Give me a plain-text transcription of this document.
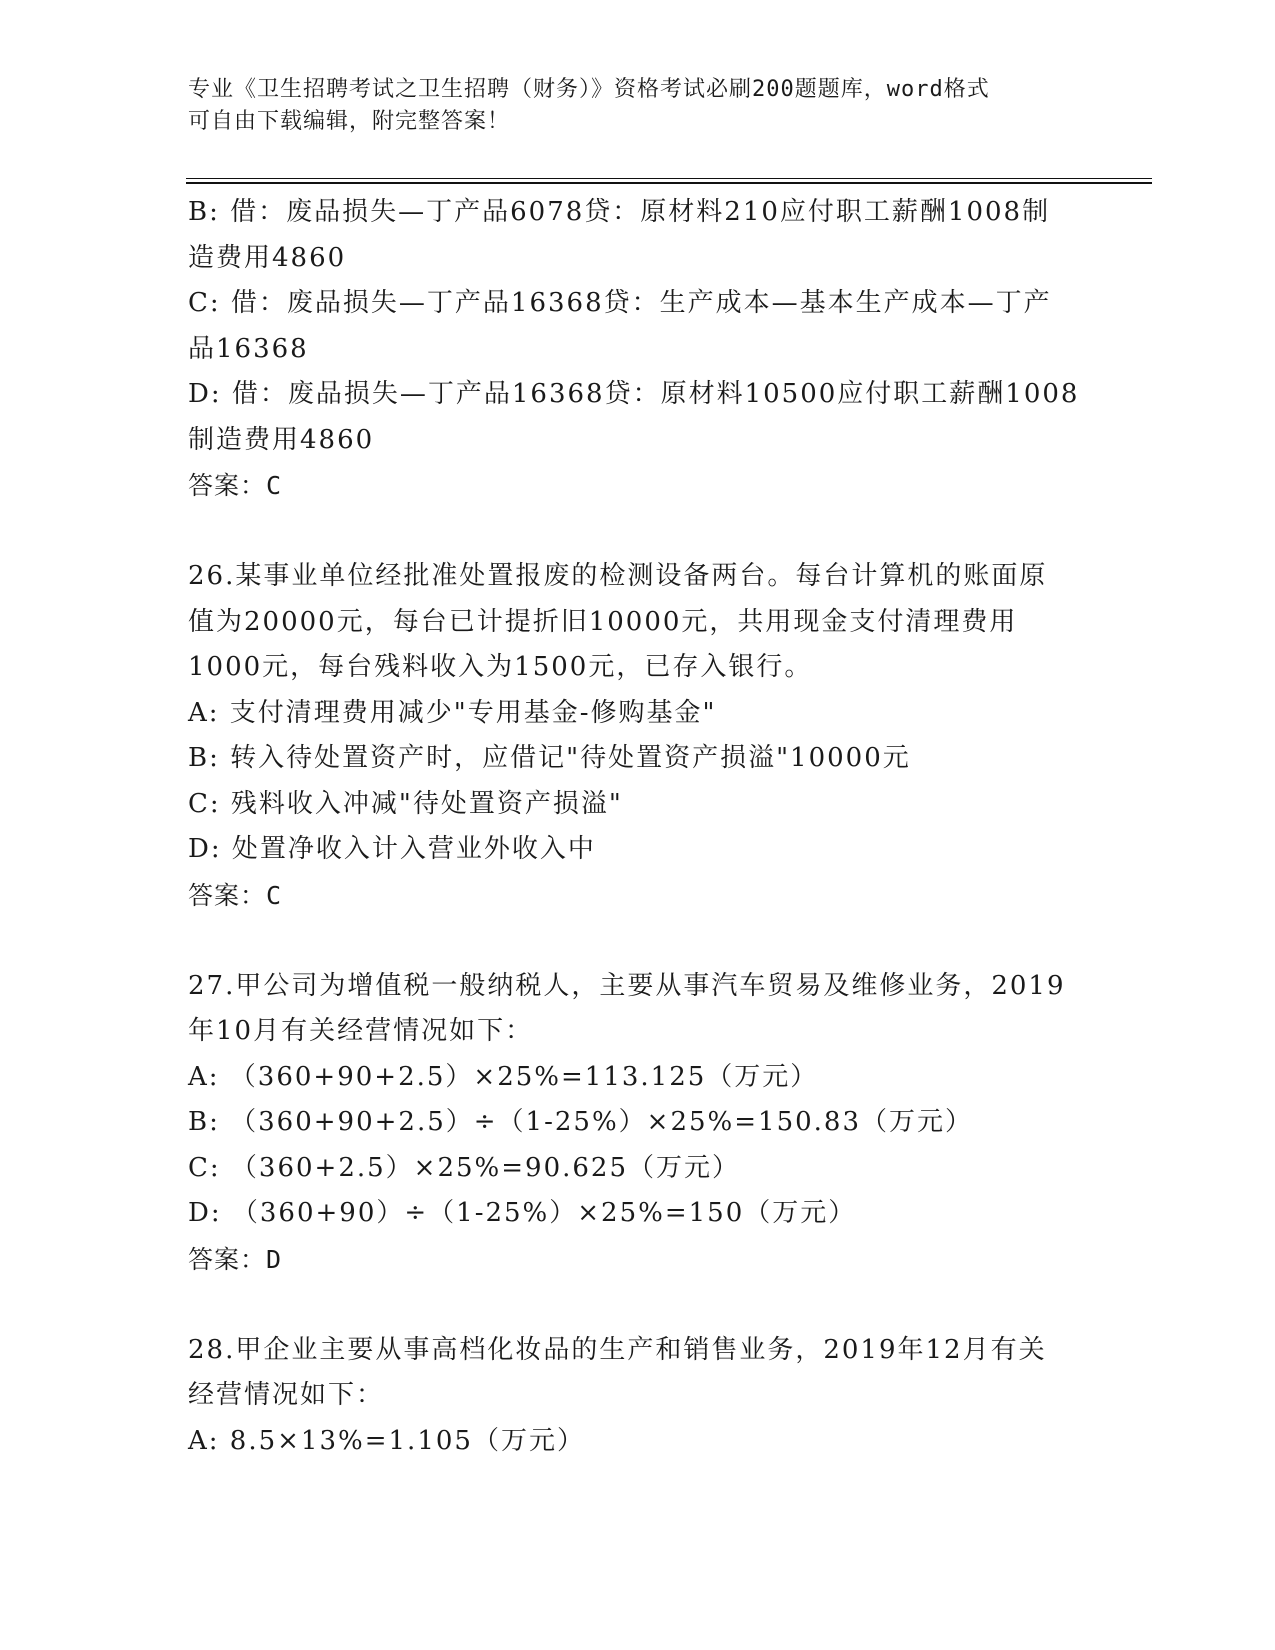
专业《卫生招聘考试之卫生招聘（财务）》资格考试必刷200题题库，word格式
可自由下载编辑，附完整答案！
B: 借：废品损失—丁产品6078贷：原材料210应付职工薪酬1008制
造费用4860
C: 借：废品损失—丁产品16368贷：生产成本—基本生产成本—丁产
品16368
D: 借：废品损失—丁产品16368贷：原材料10500应付职工薪酬1008
制造费用4860
答案：C
26.某事业单位经批准处置报废的检测设备两台。每台计算机的账面原
值为20000元，每台已计提折旧10000元，共用现金支付清理费用
1000元，每台残料收入为1500元，已存入银行。
A: 支付清理费用减少"专用基金-修购基金"
B: 转入待处置资产时，应借记"待处置资产损溢"10000元
C: 残料收入冲减"待处置资产损溢"
D: 处置净收入计入营业外收入中
答案：C
27.甲公司为增值税一般纳税人，主要从事汽车贸易及维修业务，2019
年10月有关经营情况如下：
A: （360+90+2.5）×25%=113.125（万元）
B: （360+90+2.5）÷（1-25%）×25%=150.83（万元）
C: （360+2.5）×25%=90.625（万元）
D: （360+90）÷（1-25%）×25%=150（万元）
答案：D
28.甲企业主要从事高档化妆品的生产和销售业务，2019年12月有关
经营情况如下：
A: 8.5×13%=1.105（万元）
